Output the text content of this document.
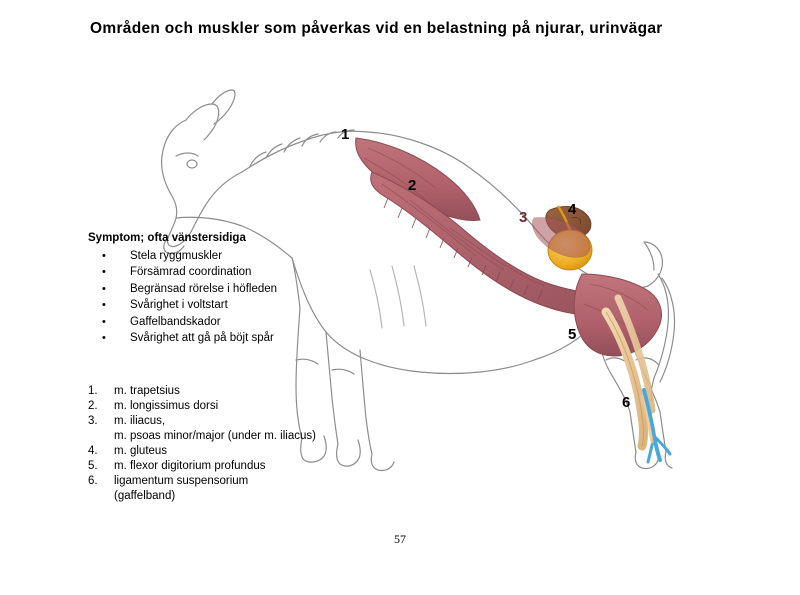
Områden och muskler som påverkas vid en belastning på njurar, urinvägar
1
2
3	4
5
6
Symptom; ofta vänstersidiga
• Stela ryggmuskler
• Försämrad coordination
• Begränsad rörelse i höfleden
• Svårighet i voltstart
• Gaffelbandskador
• Svårighet att gå på böjt spår
1.	m. trapetsius
2.	m. longissimus dorsi
3.	m. iliacus,
m. psoas minor/major (under m. iliacus)
4.	m. gluteus
5.	m. flexor digitorium profundus
6.	ligamentum suspensorium
(gaffelband)
57
